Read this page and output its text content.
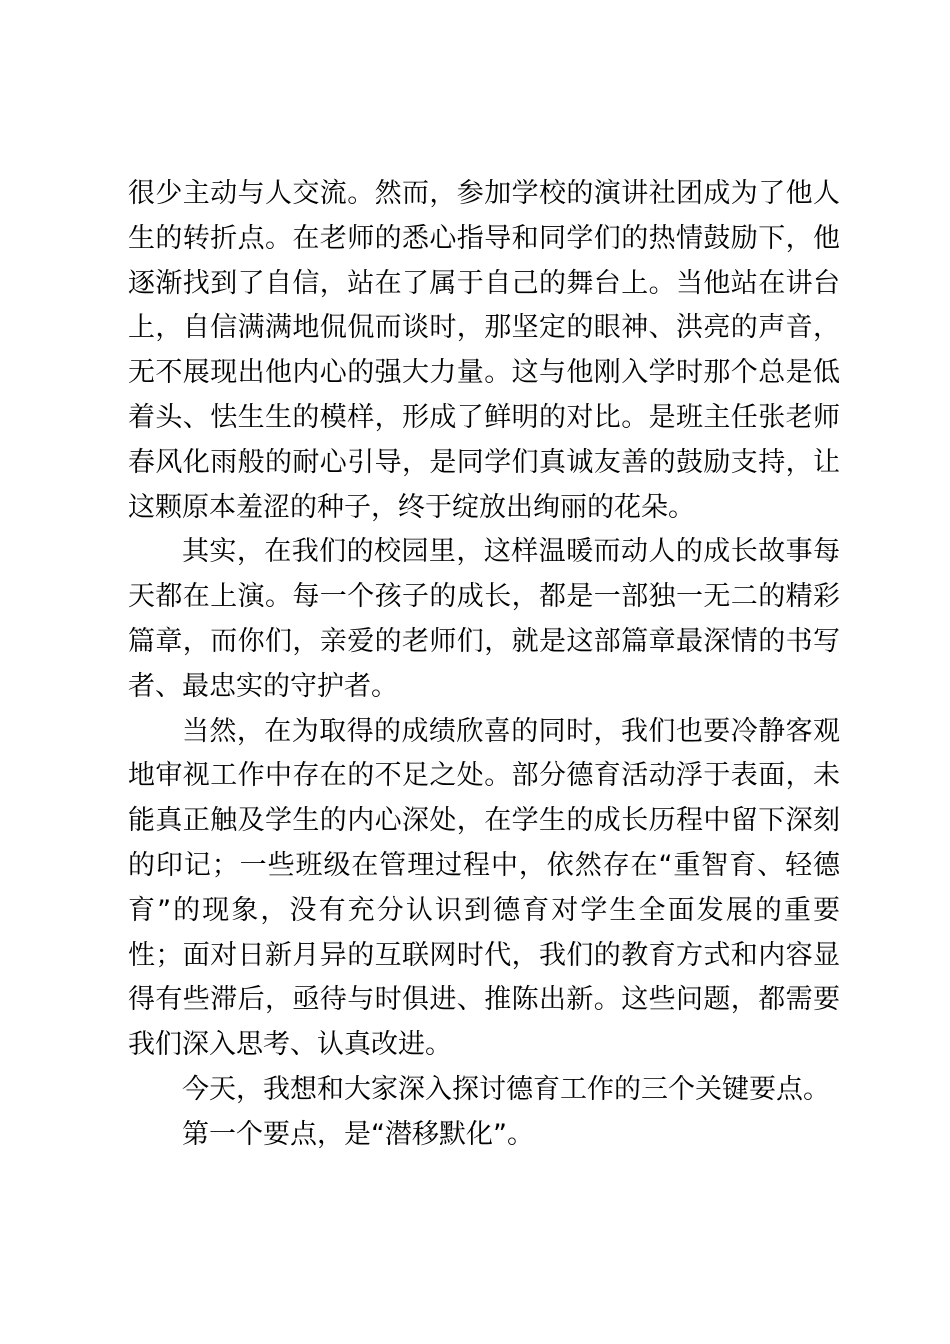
很少主动与人交流。然而，参加学校的演讲社团成为了他人生的转折点。在老师的悉心指导和同学们的热情鼓励下，他逐渐找到了自信，站在了属于自己的舞台上。当他站在讲台上，自信满满地侃侃而谈时，那坚定的眼神、洪亮的声音，无不展现出他内心的强大力量。这与他刚入学时那个总是低着头、怯生生的模样，形成了鲜明的对比。是班主任张老师春风化雨般的耐心引导，是同学们真诚友善的鼓励支持，让这颗原本羞涩的种子，终于绽放出绚丽的花朵。

其实，在我们的校园里，这样温暖而动人的成长故事每天都在上演。每一个孩子的成长，都是一部独一无二的精彩篇章，而你们，亲爱的老师们，就是这部篇章最深情的书写者、最忠实的守护者。

当然，在为取得的成绩欣喜的同时，我们也要冷静客观地审视工作中存在的不足之处。部分德育活动浮于表面，未能真正触及学生的内心深处，在学生的成长历程中留下深刻的印记；一些班级在管理过程中，依然存在“重智育、轻德育”的现象，没有充分认识到德育对学生全面发展的重要性；面对日新月异的互联网时代，我们的教育方式和内容显得有些滞后，亟待与时俱进、推陈出新。这些问题，都需要我们深入思考、认真改进。

今天，我想和大家深入探讨德育工作的三个关键要点。

第一个要点，是“潜移默化”。
